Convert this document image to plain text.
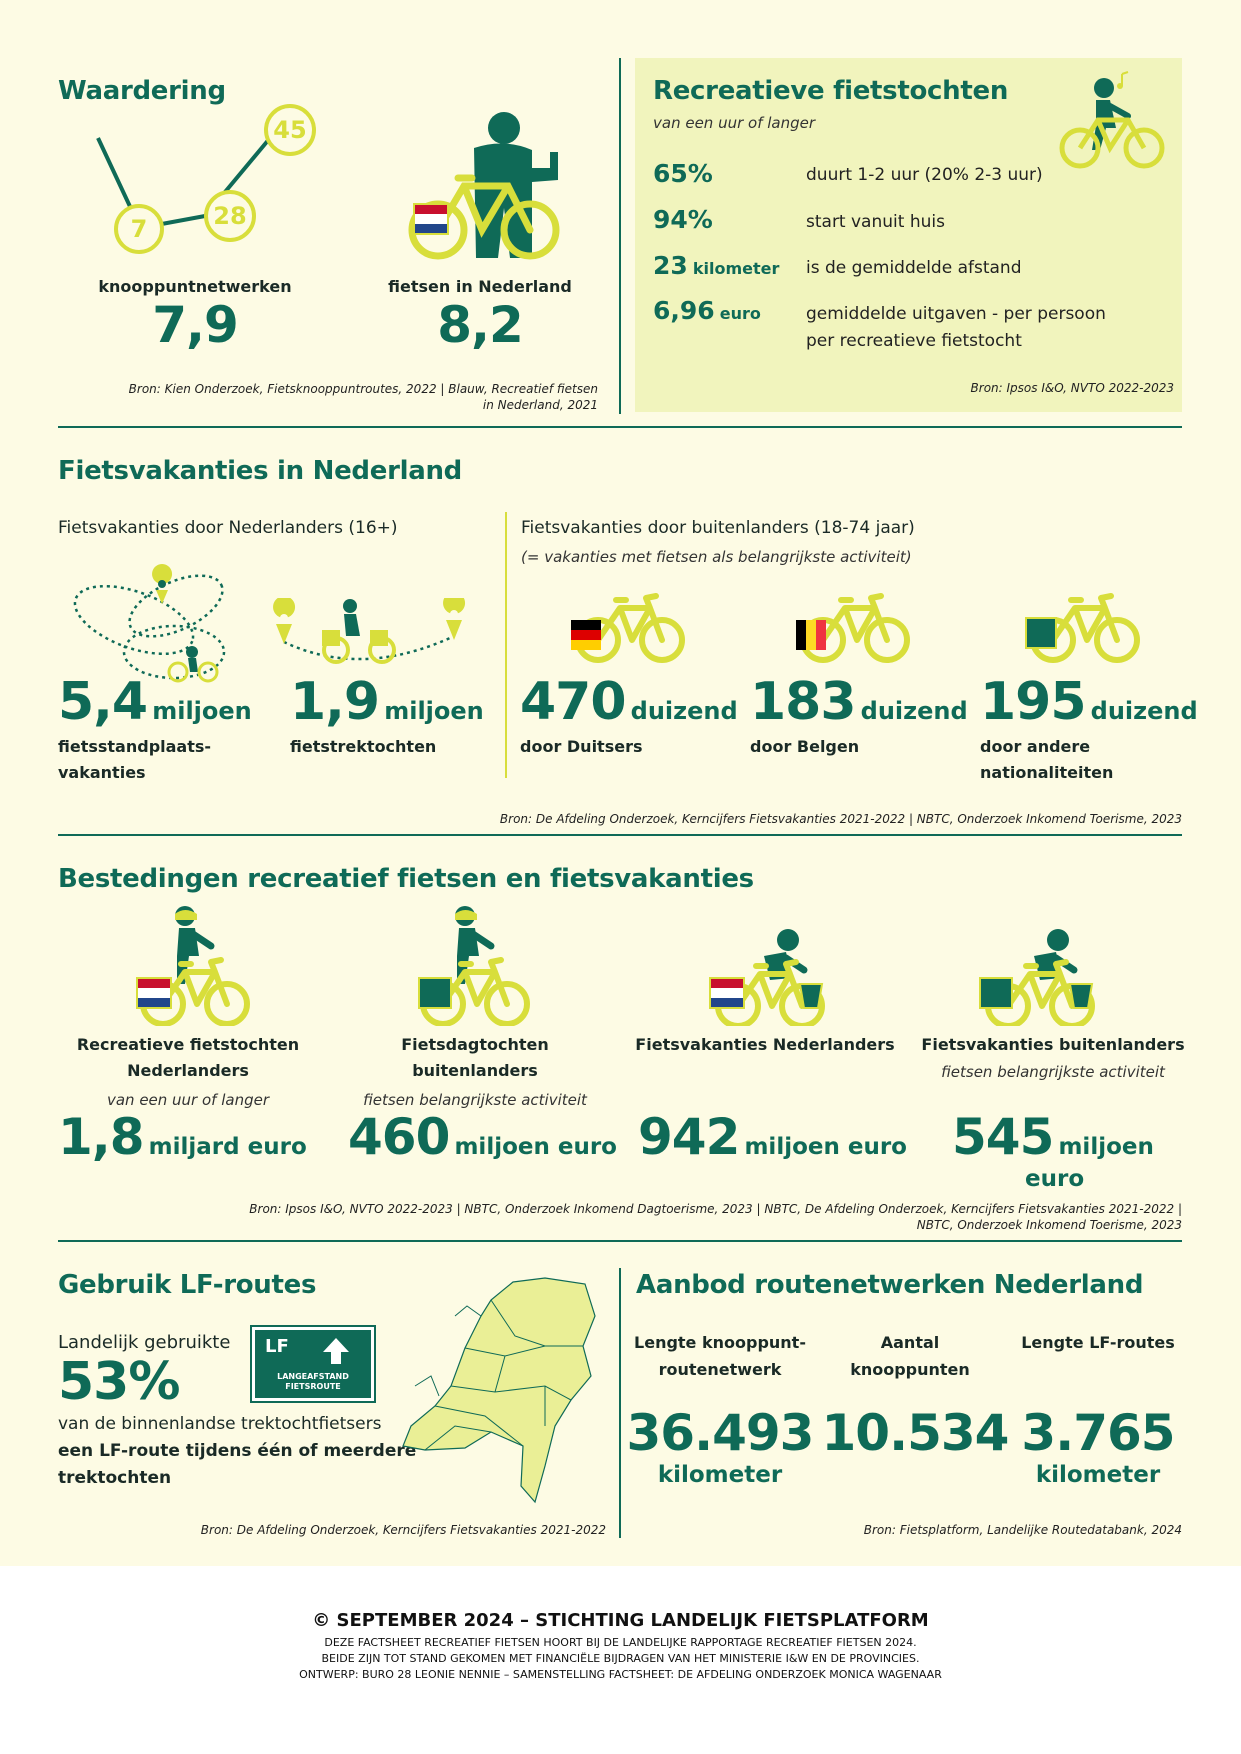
Waardering
45
7	28
knooppuntnetwerken
7,9
fietsen in Nederland
8,2
Bron: Kien Onderzoek, Fietsknooppuntroutes, 2022 | Blauw, Recreatief fietsen
in Nederland, 2021
Recreatieve fietstochten
van een uur of langer
65%	duurt 1-2 uur (20% 2-3 uur)
94%	start vanuit huis
23 kilometer is de gemiddelde afstand
6,96 euro	gemiddelde uitgaven - per persoon
per recreatieve fietstocht
Bron: Ipsos I&O, NVTO 2022-2023
Fietsvakanties in Nederland
Fietsvakanties door Nederlanders (16+)	Fietsvakanties door buitenlanders (18-74 jaar)
(= vakanties met fietsen als belangrijkste activiteit)
5,4 miljoen
fietsstandplaats-
vakanties
1,9 miljoen
fietstrektochten
470 duizend
door Duitsers
183 duizend
door Belgen
195 duizend
door andere
nationaliteiten
Bron: De Afdeling Onderzoek, Kerncijfers Fietsvakanties 2021-2022 | NBTC, Onderzoek Inkomend Toerisme, 2023
Bestedingen recreatief fietsen en fietsvakanties
Recreatieve fietstochten
Nederlanders
van een uur of langer
Fietsdagtochten
buitenlanders
fietsen belangrijkste activiteit
Fietsvakanties Nederlanders	Fietsvakanties buitenlanders
fietsen belangrijkste activiteit
1,8 miljard euro 460 miljoen euro 942 miljoen euro 545 miljoen
euro
Bron: Ipsos I&O, NVTO 2022-2023 | NBTC, Onderzoek Inkomend Dagtoerisme, 2023 | NBTC, De Afdeling Onderzoek, Kerncijfers Fietsvakanties 2021-2022 |
NBTC, Onderzoek Inkomend Toerisme, 2023
Gebruik LF-routes
Landelijk gebruikte
53%
van de binnenlandse trektochtfietsers
een LF-route tijdens één of meerdere
trektochten
LF
LANGEAFSTAND
FIETSROUTE
Bron: De Afdeling Onderzoek, Kerncijfers Fietsvakanties 2021-2022
Aanbod routenetwerken Nederland
Lengte knooppunt-
routenetwerk
36.493
kilometer
Aantal
knooppunten
10.534
Lengte LF-routes
3.765
kilometer
Bron: Fietsplatform, Landelijke Routedatabank, 2024
© SEPTEMBER 2024 – STICHTING LANDELIJK FIETSPLATFORM
DEZE FACTSHEET RECREATIEF FIETSEN HOORT BIJ DE LANDELIJKE RAPPORTAGE RECREATIEF FIETSEN 2024.
BEIDE ZIJN TOT STAND GEKOMEN MET FINANCIËLE BIJDRAGEN VAN HET MINISTERIE I&W EN DE PROVINCIES.
ONTWERP: BURO 28 LEONIE NENNIE – SAMENSTELLING FACTSHEET: DE AFDELING ONDERZOEK MONICA WAGENAAR
